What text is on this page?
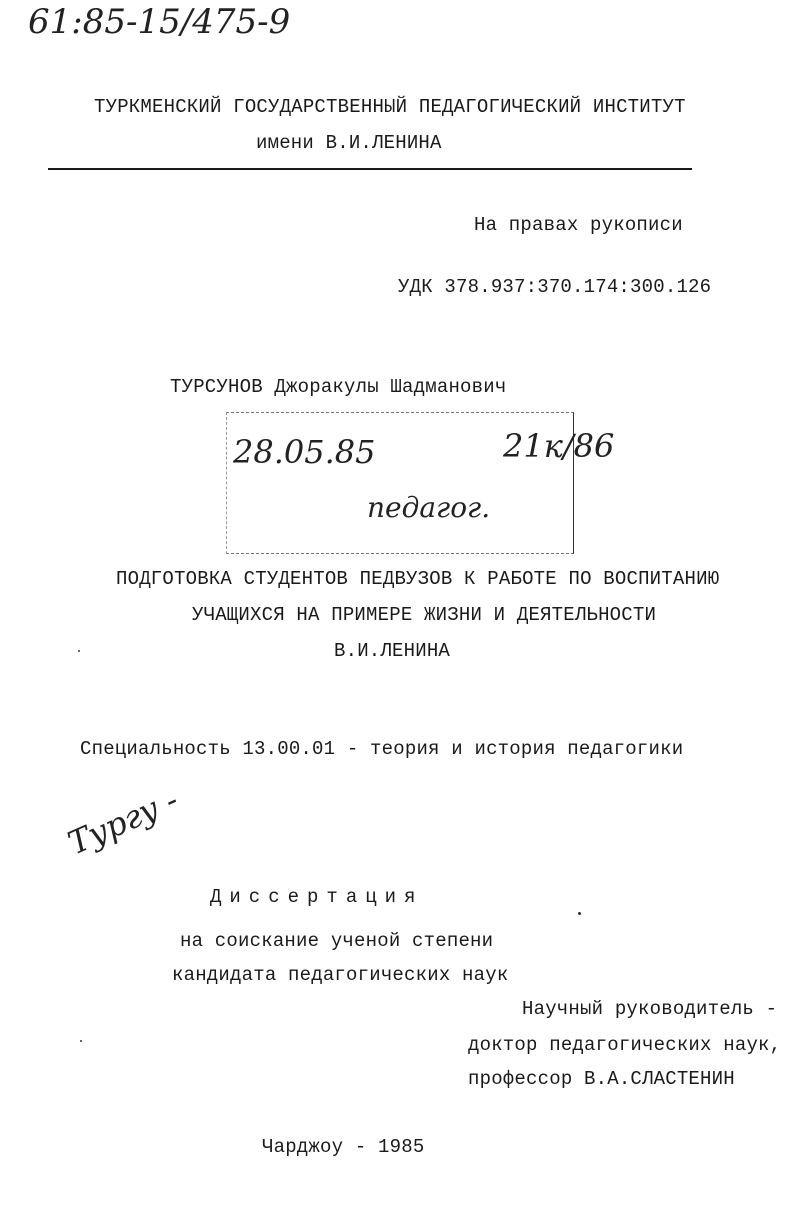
61:85-15/475-9
ТУРКМЕНСКИЙ ГОСУДАРСТВЕННЫЙ ПЕДАГОГИЧЕСКИЙ ИНСТИТУТ
имени В.И.ЛЕНИНА
На правах рукописи
УДК 378.937:370.174:300.126
ТУРСУНОВ Джоракулы Шадманович
28.05.85	21к/86
педагог.
ПОДГОТОВКА СТУДЕНТОВ ПЕДВУЗОВ К РАБОТЕ ПО ВОСПИТАНИЮ
УЧАЩИХСЯ НА ПРИМЕРЕ ЖИЗНИ И ДЕЯТЕЛЬНОСТИ
В.И.ЛЕНИНА
Специальность 13.00.01 - теория и история педагогики
Тургу -
Диссертация
на соискание ученой степени
кандидата педагогических наук
Научный руководитель -
доктор педагогических наук,
профессор В.А.СЛАСТЕНИН
Чарджоу - 1985
